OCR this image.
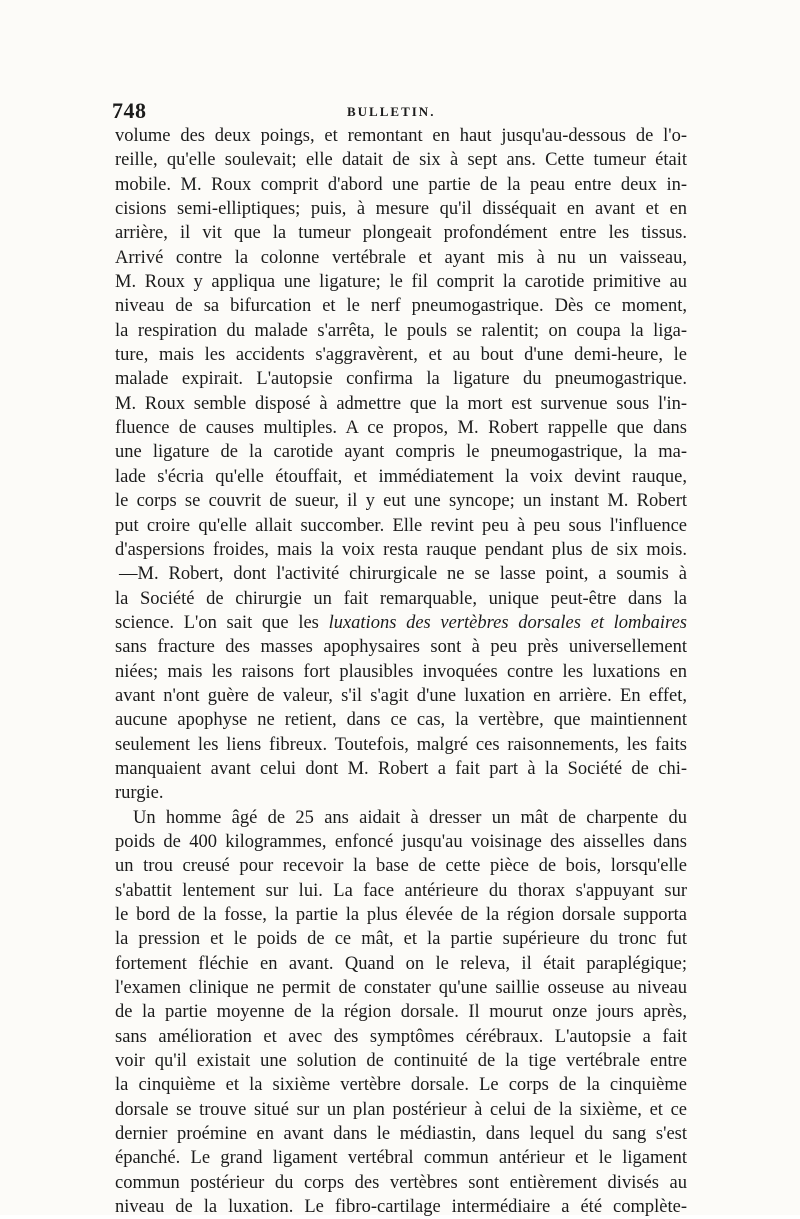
748	BULLETIN.
volume des deux poings, et remontant en haut jusqu'au-dessous de l'o-
reille, qu'elle soulevait; elle datait de six à sept ans. Cette tumeur était
mobile. M. Roux comprit d'abord une partie de la peau entre deux in-
cisions semi-elliptiques; puis, à mesure qu'il disséquait en avant et en
arrière, il vit que la tumeur plongeait profondément entre les tissus.
Arrivé contre la colonne vertébrale et ayant mis à nu un vaisseau,
M. Roux y appliqua une ligature; le fil comprit la carotide primitive au
niveau de sa bifurcation et le nerf pneumogastrique. Dès ce moment,
la respiration du malade s'arrêta, le pouls se ralentit; on coupa la liga-
ture, mais les accidents s'aggravèrent, et au bout d'une demi-heure, le
malade expirait. L'autopsie confirma la ligature du pneumogastrique.
M. Roux semble disposé à admettre que la mort est survenue sous l'in-
fluence de causes multiples. A ce propos, M. Robert rappelle que dans
une ligature de la carotide ayant compris le pneumogastrique, la ma-
lade s'écria qu'elle étouffait, et immédiatement la voix devint rauque,
le corps se couvrit de sueur, il y eut une syncope; un instant M. Robert
put croire qu'elle allait succomber. Elle revint peu à peu sous l'influence
d'aspersions froides, mais la voix resta rauque pendant plus de six mois.
—M. Robert, dont l'activité chirurgicale ne se lasse point, a soumis à
la Société de chirurgie un fait remarquable, unique peut-être dans la
science. L'on sait que les luxations des vertèbres dorsales et lombaires
sans fracture des masses apophysaires sont à peu près universellement
niées; mais les raisons fort plausibles invoquées contre les luxations en
avant n'ont guère de valeur, s'il s'agit d'une luxation en arrière. En effet,
aucune apophyse ne retient, dans ce cas, la vertèbre, que maintiennent
seulement les liens fibreux. Toutefois, malgré ces raisonnements, les faits
manquaient avant celui dont M. Robert a fait part à la Société de chi-
rurgie.
Un homme âgé de 25 ans aidait à dresser un mât de charpente du
poids de 400 kilogrammes, enfoncé jusqu'au voisinage des aisselles dans
un trou creusé pour recevoir la base de cette pièce de bois, lorsqu'elle
s'abattit lentement sur lui. La face antérieure du thorax s'appuyant sur
le bord de la fosse, la partie la plus élevée de la région dorsale supporta
la pression et le poids de ce mât, et la partie supérieure du tronc fut
fortement fléchie en avant. Quand on le releva, il était paraplégique;
l'examen clinique ne permit de constater qu'une saillie osseuse au niveau
de la partie moyenne de la région dorsale. Il mourut onze jours après,
sans amélioration et avec des symptômes cérébraux. L'autopsie a fait
voir qu'il existait une solution de continuité de la tige vertébrale entre
la cinquième et la sixième vertèbre dorsale. Le corps de la cinquième
dorsale se trouve situé sur un plan postérieur à celui de la sixième, et ce
dernier proémine en avant dans le médiastin, dans lequel du sang s'est
épanché. Le grand ligament vertébral commun antérieur et le ligament
commun postérieur du corps des vertèbres sont entièrement divisés au
niveau de la luxation. Le fibro-cartilage intermédiaire a été complète-
